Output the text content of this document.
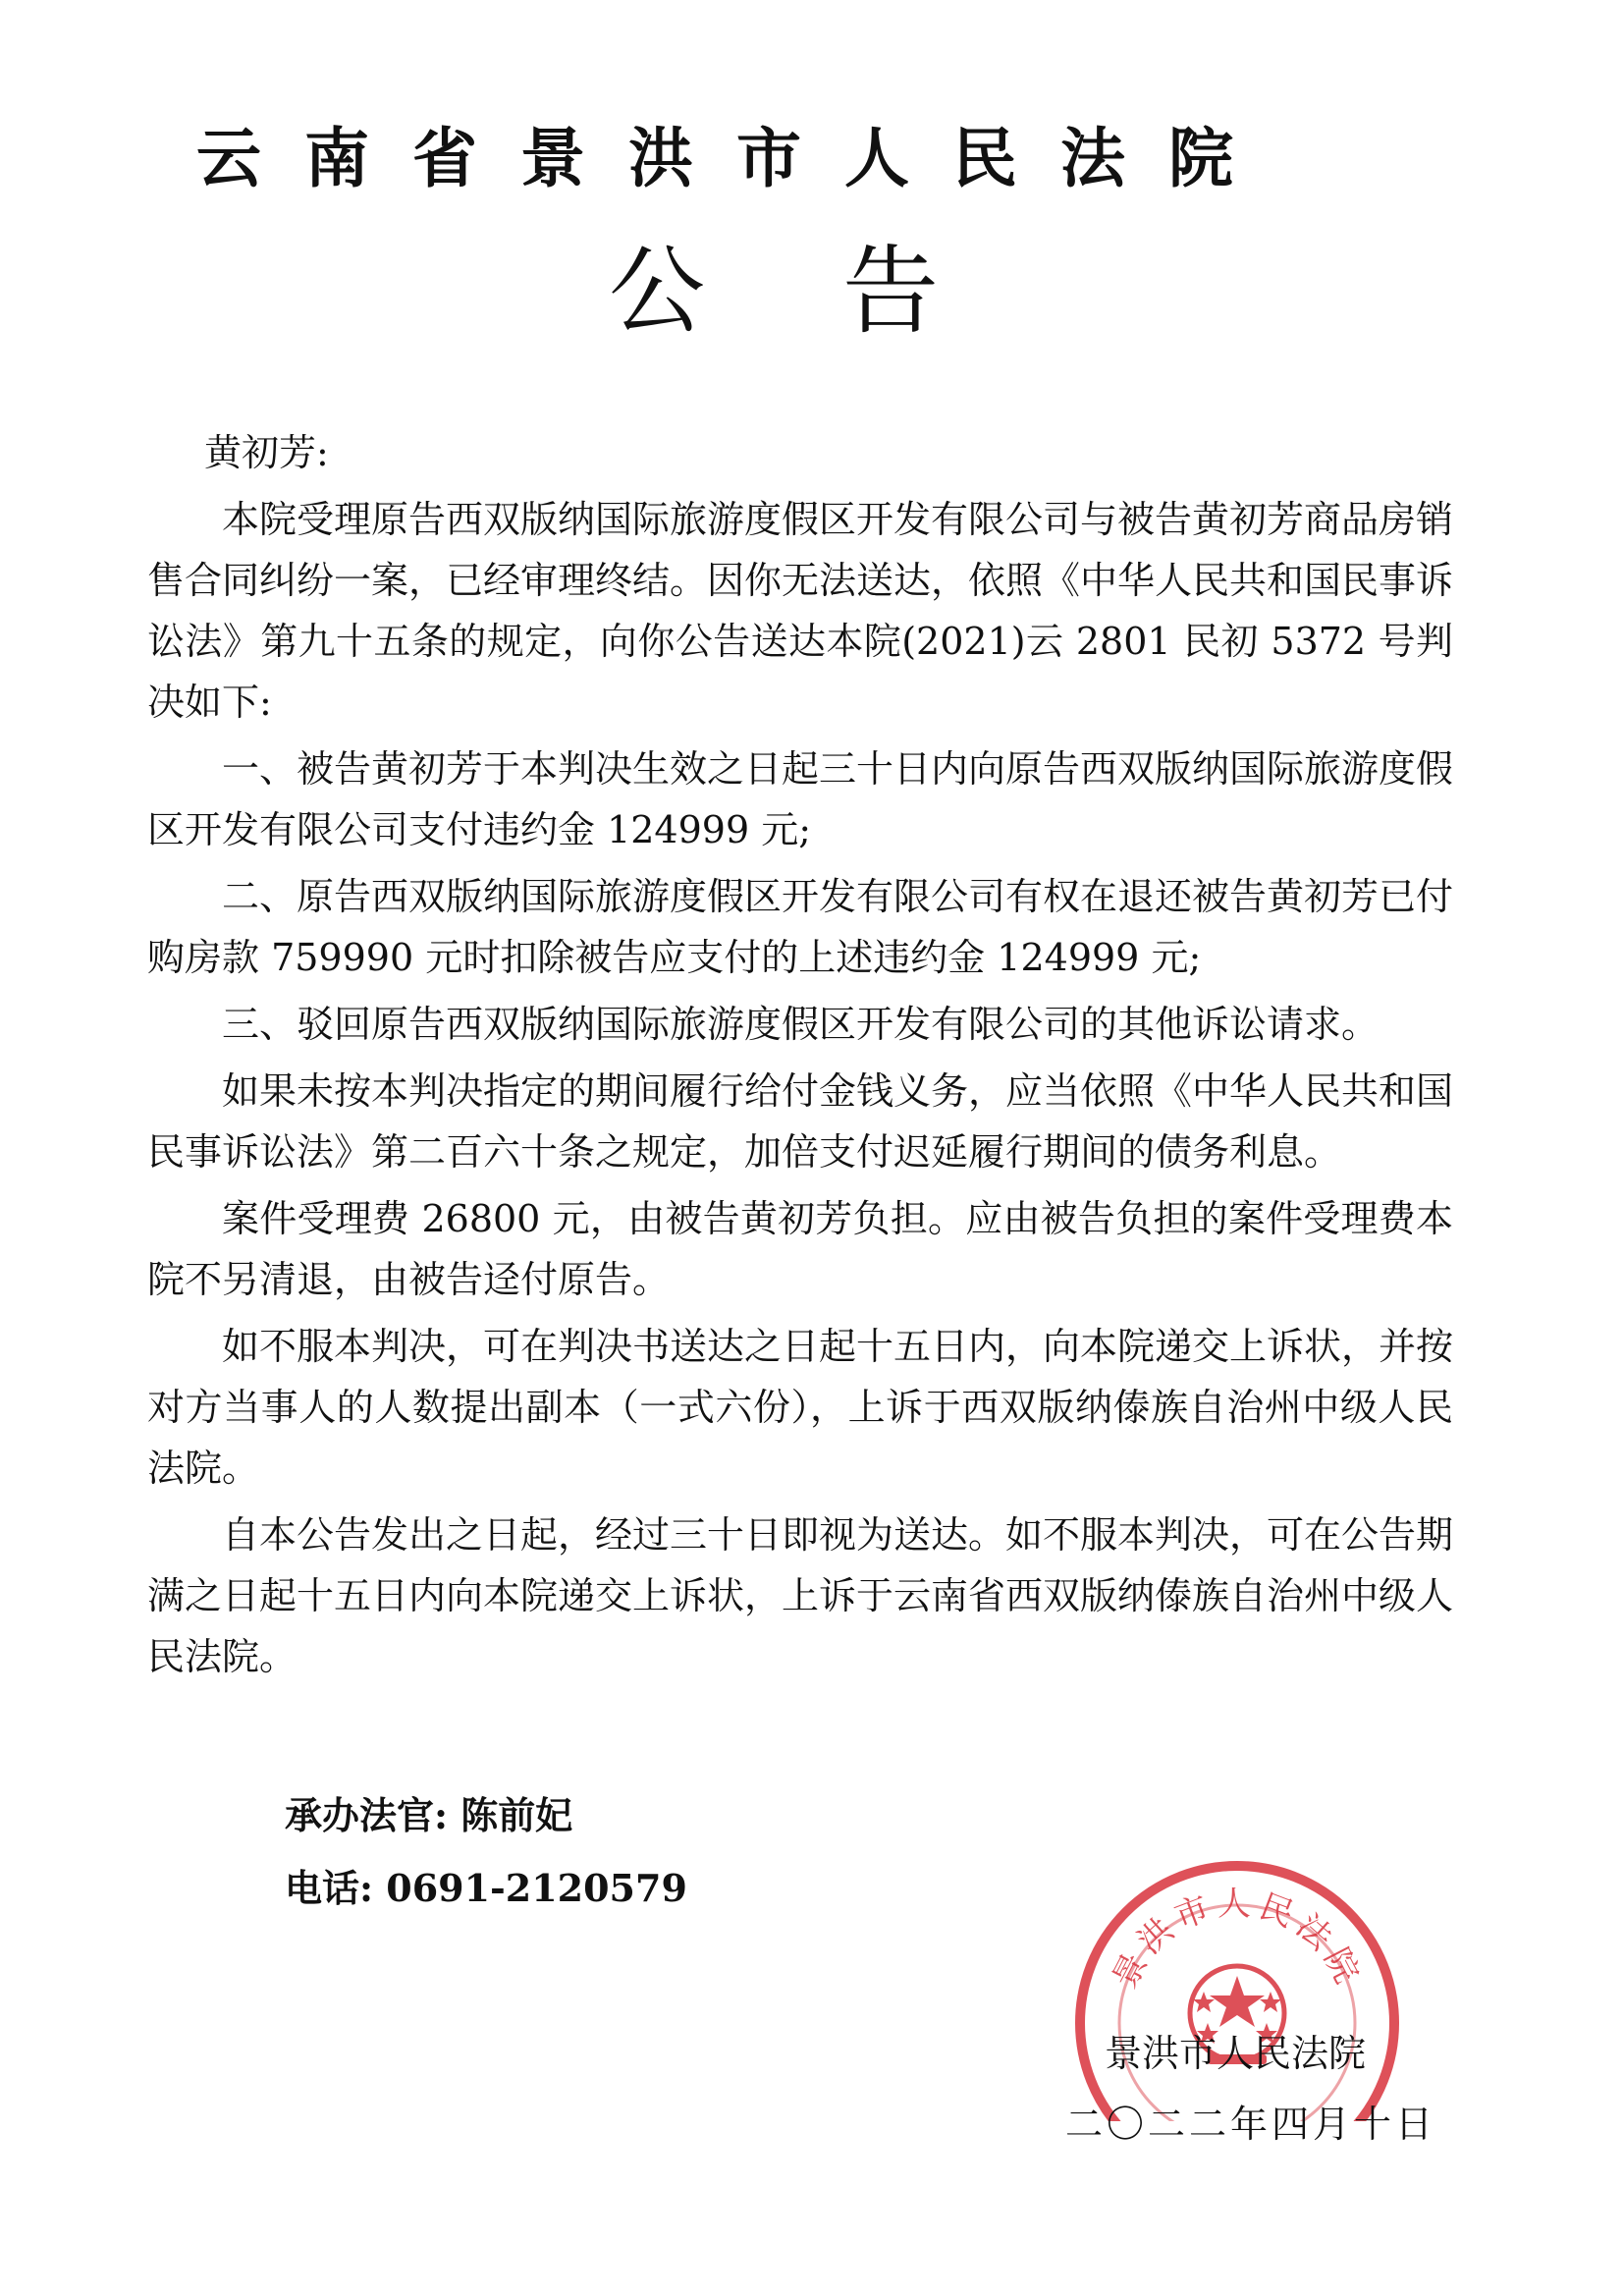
云南省景洪市人民法院
公告

黄初芳:

本院受理原告西双版纳国际旅游度假区开发有限公司与被告黄初芳商品房销售合同纠纷一案，已经审理终结。因你无法送达，依照《中华人民共和国民事诉讼法》第九十五条的规定，向你公告送达本院(2021)云 2801 民初 5372 号判决如下:

一、被告黄初芳于本判决生效之日起三十日内向原告西双版纳国际旅游度假区开发有限公司支付违约金 124999 元;

二、原告西双版纳国际旅游度假区开发有限公司有权在退还被告黄初芳已付购房款 759990 元时扣除被告应支付的上述违约金 124999 元;

三、驳回原告西双版纳国际旅游度假区开发有限公司的其他诉讼请求。

如果未按本判决指定的期间履行给付金钱义务，应当依照《中华人民共和国民事诉讼法》第二百六十条之规定，加倍支付迟延履行期间的债务利息。

案件受理费 26800 元，由被告黄初芳负担。应由被告负担的案件受理费本院不另清退，由被告迳付原告。

如不服本判决，可在判决书送达之日起十五日内，向本院递交上诉状，并按对方当事人的人数提出副本（一式六份），上诉于西双版纳傣族自治州中级人民法院。

自本公告发出之日起，经过三十日即视为送达。如不服本判决，可在公告期满之日起十五日内向本院递交上诉状，上诉于云南省西双版纳傣族自治州中级人民法院。

承办法官: 陈前妃
电话: 0691-2120579
景洪市人民法院
景洪市人民法院
二〇二二年四月十日
